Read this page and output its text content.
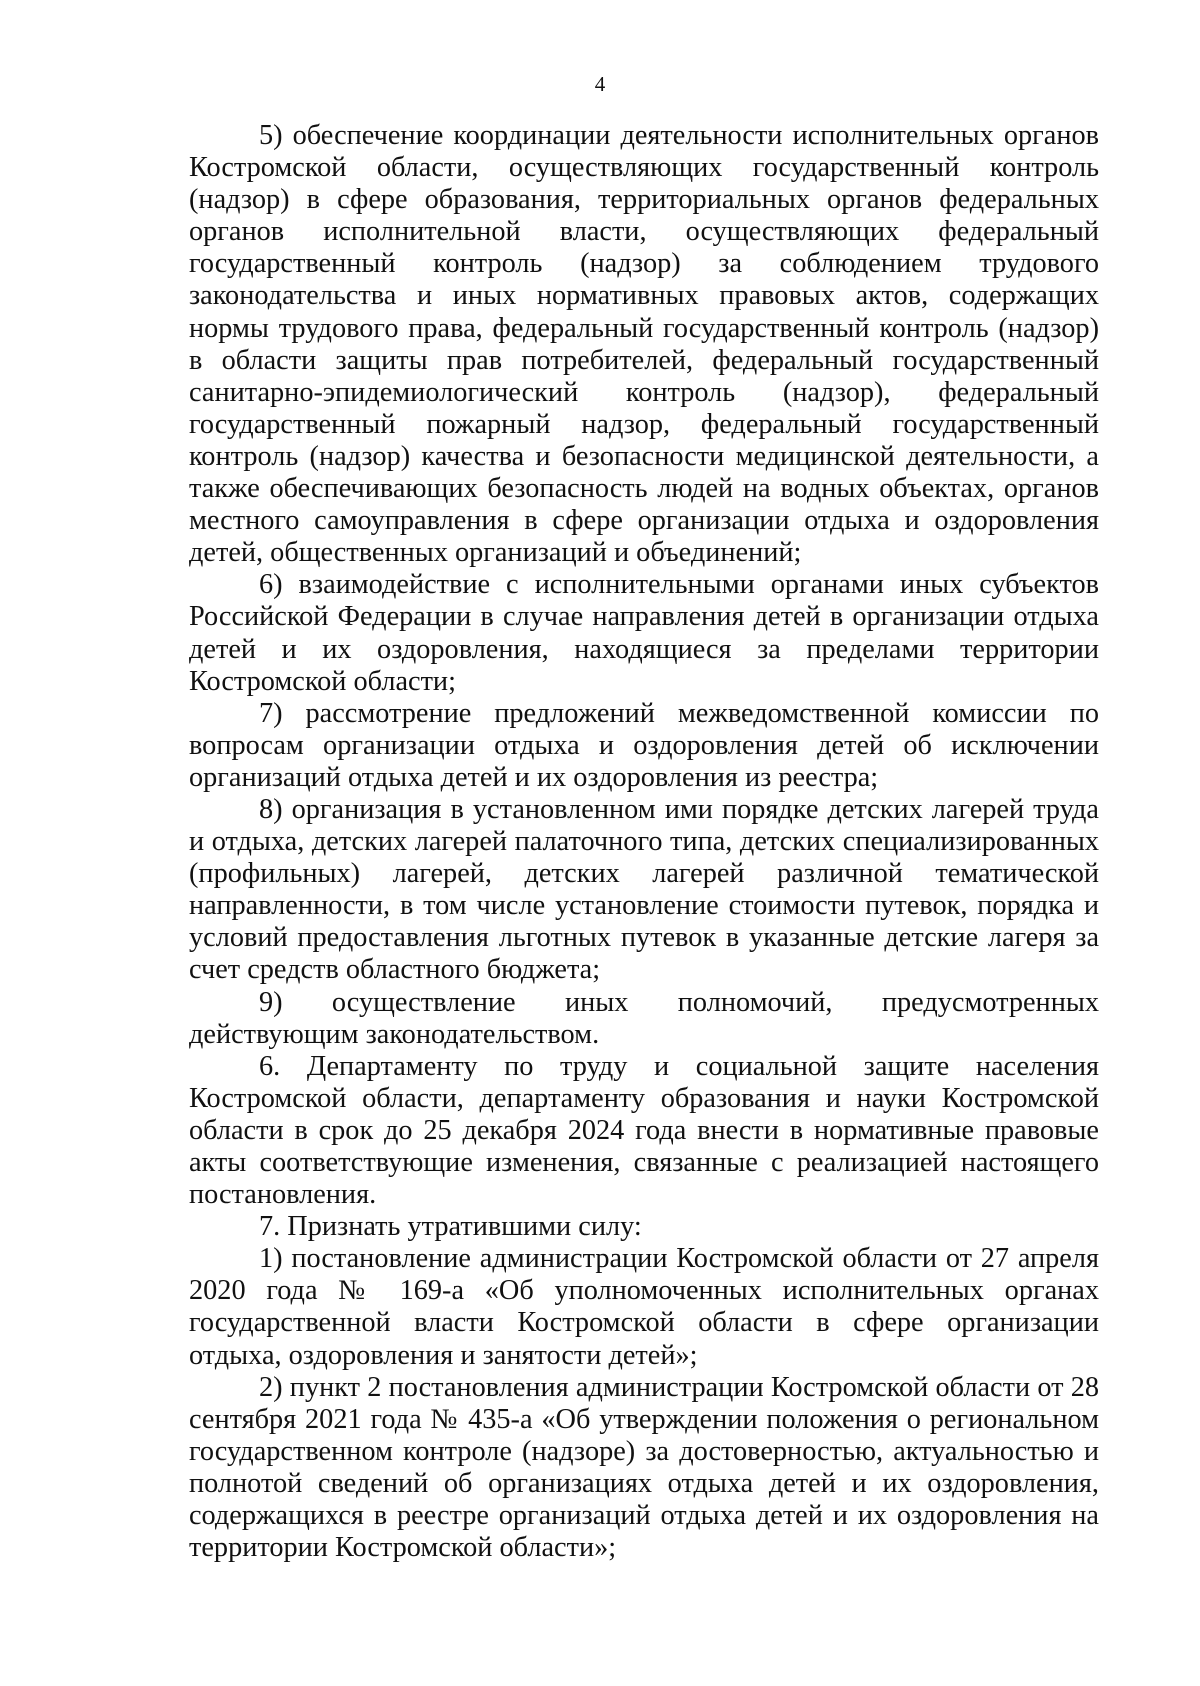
4

5) обеспечение координации деятельности исполнительных органов Костромской области, осуществляющих государственный контроль (надзор) в сфере образования, территориальных органов федеральных органов исполнительной власти, осуществляющих федеральный государственный контроль (надзор) за соблюдением трудового законодательства и иных нормативных правовых актов, содержащих нормы трудового права, федеральный государственный контроль (надзор) в области защиты прав потребителей, федеральный государственный санитарно-эпидемиологический контроль (надзор), федеральный государственный пожарный надзор, федеральный государственный контроль (надзор) качества и безопасности медицинской деятельности, а также обеспечивающих безопасность людей на водных объектах, органов местного самоуправления в сфере организации отдыха и оздоровления детей, общественных организаций и объединений;

6) взаимодействие с исполнительными органами иных субъектов Российской Федерации в случае направления детей в организации отдыха детей и их оздоровления, находящиеся за пределами территории Костромской области;

7) рассмотрение предложений межведомственной комиссии по вопросам организации отдыха и оздоровления детей об исключении организаций отдыха детей и их оздоровления из реестра;

8) организация в установленном ими порядке детских лагерей труда и отдыха, детских лагерей палаточного типа, детских специализированных (профильных) лагерей, детских лагерей различной тематической направленности, в том числе установление стоимости путевок, порядка и условий предоставления льготных путевок в указанные детские лагеря за счет средств областного бюджета;

9) осуществление иных полномочий, предусмотренных действующим законодательством.

6. Департаменту по труду и социальной защите населения Костромской области, департаменту образования и науки Костромской области в срок до 25 декабря 2024 года внести в нормативные правовые акты соответствующие изменения, связанные с реализацией настоящего постановления.

7. Признать утратившими силу:

1) постановление администрации Костромской области от 27 апреля 2020 года № 169-а «Об уполномоченных исполнительных органах государственной власти Костромской области в сфере организации отдыха, оздоровления и занятости детей»;

2) пункт 2 постановления администрации Костромской области от 28 сентября 2021 года № 435-а «Об утверждении положения о региональном государственном контроле (надзоре) за достоверностью, актуальностью и полнотой сведений об организациях отдыха детей и их оздоровления, содержащихся в реестре организаций отдыха детей и их оздоровления на территории Костромской области»;
